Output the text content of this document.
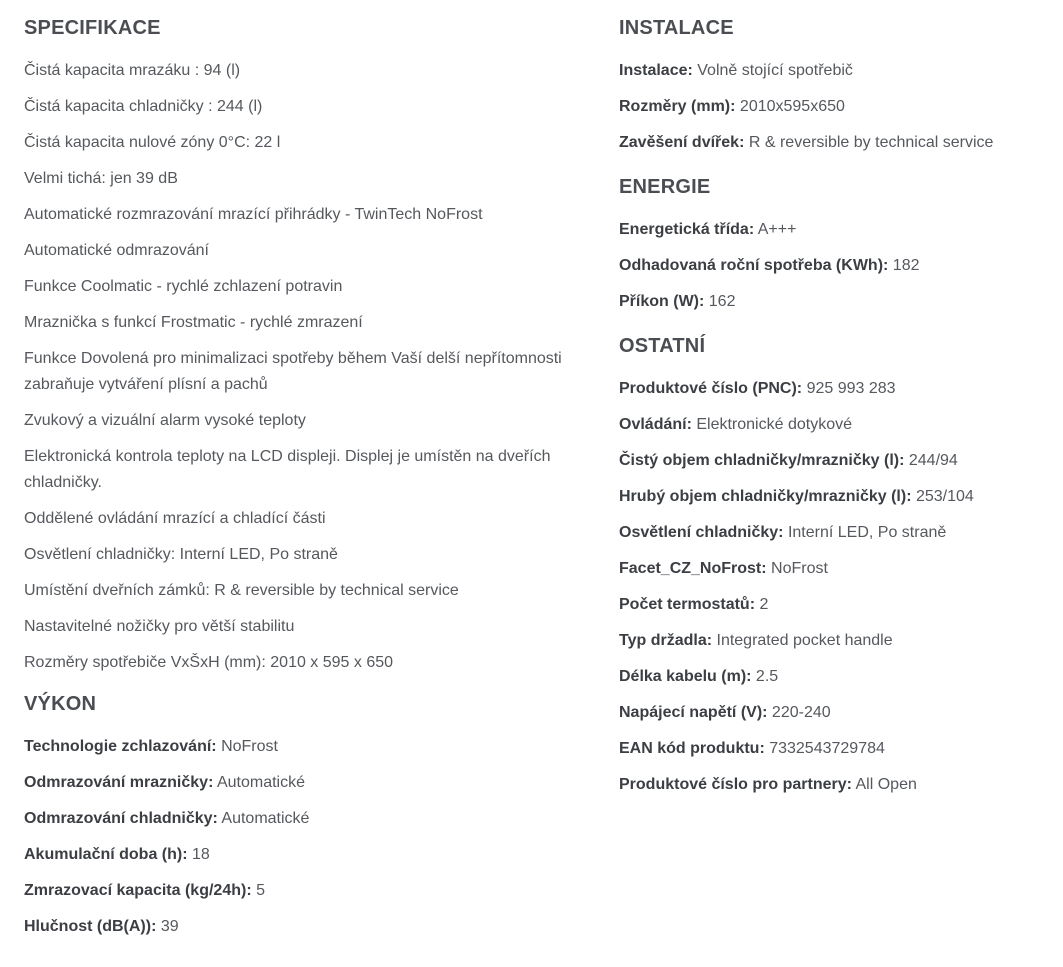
SPECIFIKACE
Čistá kapacita mrazáku : 94 (l)
Čistá kapacita chladničky : 244 (l)
Čistá kapacita nulové zóny 0°C: 22 l
Velmi tichá: jen 39 dB
Automatické rozmrazování mrazící přihrádky - TwinTech NoFrost
Automatické odmrazování
Funkce Coolmatic - rychlé zchlazení potravin
Mraznička s funkcí Frostmatic - rychlé zmrazení
Funkce Dovolená pro minimalizaci spotřeby během Vaší delší nepřítomnosti zabraňuje vytváření plísní a pachů
Zvukový a vizuální alarm vysoké teploty
Elektronická kontrola teploty na LCD displeji. Displej je umístěn na dveřích chladničky.
Oddělené ovládání mrazící a chladící části
Osvětlení chladničky: Interní LED, Po straně
Umístění dveřních zámků: R & reversible by technical service
Nastavitelné nožičky pro větší stabilitu
Rozměry spotřebiče VxŠxH (mm): 2010 x 595 x 650
VÝKON
Technologie zchlazování: NoFrost
Odmrazování mrazničky: Automatické
Odmrazování chladničky: Automatické
Akumulační doba (h): 18
Zmrazovací kapacita (kg/24h): 5
Hlučnost (dB(A)): 39
INSTALACE
Instalace: Volně stojící spotřebič
Rozměry (mm): 2010x595x650
Zavěšení dvířek: R & reversible by technical service
ENERGIE
Energetická třída: A+++
Odhadovaná roční spotřeba (KWh): 182
Příkon (W): 162
OSTATNÍ
Produktové číslo (PNC): 925 993 283
Ovládání: Elektronické dotykové
Čistý objem chladničky/mrazničky (l): 244/94
Hrubý objem chladničky/mrazničky (l): 253/104
Osvětlení chladničky: Interní LED, Po straně
Facet_CZ_NoFrost: NoFrost
Počet termostatů: 2
Typ držadla: Integrated pocket handle
Délka kabelu (m): 2.5
Napájecí napětí (V): 220-240
EAN kód produktu: 7332543729784
Produktové číslo pro partnery: All Open
